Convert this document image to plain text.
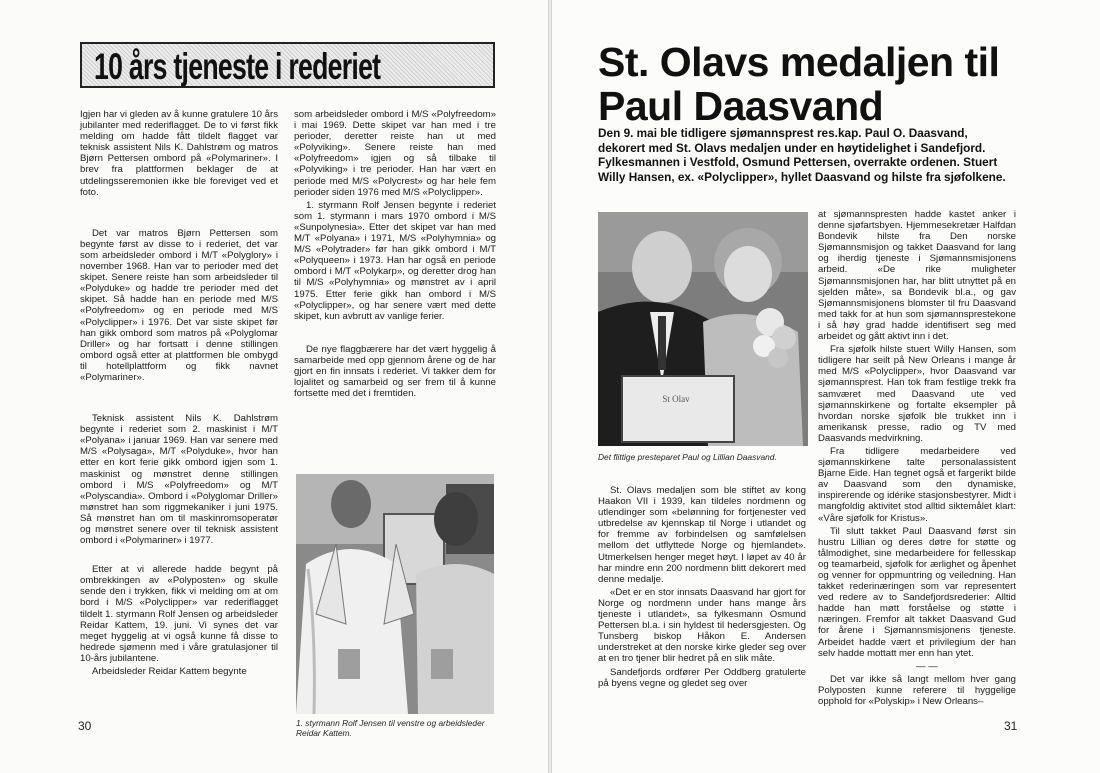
10 års tjeneste i rederiet

Igjen har vi gleden av å kunne gratulere 10 års jubilanter med rederiflagget. De to vi først fikk melding om hadde fått tildelt flagget var teknisk assistent Nils K. Dahlstrøm og matros Bjørn Pettersen ombord på «Polymariner». I brev fra plattformen beklager de at utdelingsseremonien ikke ble foreviget ved et foto.

Det var matros Bjørn Pettersen som begynte først av disse to i rederiet, det var som arbeidsleder ombord i M/T «Polyglory» i november 1968. Han var to perioder med det skipet. Senere reiste han som arbeidsleder til «Polyduke» og hadde tre perioder med det skipet. Så hadde han en periode med M/S «Polyfreedom» og en periode med M/S «Polyclipper» i 1976. Det var siste skipet før han gikk ombord som matros på «Polyglomar Driller» og har fortsatt i denne stillingen ombord også etter at plattformen ble ombygd til hotellplattform og fikk navnet «Polymariner».

Teknisk assistent Nils K. Dahlstrøm begynte i rederiet som 2. maskinist i M/T «Polyana» i januar 1969. Han var senere med M/S «Polysaga», M/T «Polyduke», hvor han etter en kort ferie gikk ombord igjen som 1. maskinist og mønstret denne stillingen ombord i M/S «Polyfreedom» og M/T «Polyscandia». Ombord i «Polyglomar Driller» mønstret han som riggmekaniker i juni 1975. Så mønstret han om til maskinromsoperatør og mønstret senere over til teknisk assistent ombord i «Polymariner» i 1977.

Etter at vi allerede hadde begynt på ombrekkingen av «Polyposten» og skulle sende den i trykken, fikk vi melding om at om bord i M/S «Polyclipper» var rederiflagget tildelt 1. styrmann Rolf Jensen og arbeidsleder Reidar Kattem, 19. juni. Vi synes det var meget hyggelig at vi også kunne få disse to hedrede sjømenn med i våre gratulasjoner til 10-års jubilantene.

Arbeidsleder Reidar Kattem begynte

som arbeidsleder ombord i M/S «Polyfreedom» i mai 1969. Dette skipet var han med i tre perioder, deretter reiste han ut med «Polyviking». Senere reiste han med «Polyfreedom» igjen og så tilbake til «Polyviking» i tre perioder. Han har vært en periode med M/S «Polycrest» og har hele fem perioder siden 1976 med M/S «Polyclipper».

1. styrmann Rolf Jensen begynte i rederiet som 1. styrmann i mars 1970 ombord i M/S «Sunpolynesia». Etter det skipet var han med M/T «Polyana» i 1971, M/S «Polyhymnia» og M/S «Polytrader» før han gikk ombord i M/T «Polyqueen» i 1973. Han har også en periode ombord i M/T «Polykarp», og deretter drog han til M/S «Polyhymnia» og mønstret av i april 1975. Etter ferie gikk han ombord i M/S «Polyclipper», og har senere vært med dette skipet, kun avbrutt av vanlige ferier.

De nye flaggbærere har det vært hyggelig å samarbeide med opp gjennom årene og de har gjort en fin innsats i rederiet. Vi takker dem for lojalitet og samarbeid og ser frem til å kunne fortsette med det i fremtiden.

1. styrmann Rolf Jensen til venstre og arbeidsleder Reidar Kattem.
30
St. Olavs medaljen til
Paul Daasvand
Den 9. mai ble tidligere sjømannsprest res.kap. Paul O. Daasvand, dekorert med St. Olavs medaljen under en høytidelighet i Sandefjord. Fylkesmannen i Vestfold, Osmund Pettersen, overrakte ordenen. Stuert Willy Hansen, ex. «Polyclipper», hyllet Daasvand og hilste fra sjøfolkene.
St Olav
Det flittige presteparet Paul og Lillian Daasvand.

St. Olavs medaljen som ble stiftet av kong Haakon VII i 1939, kan tildeles nordmenn og utlendinger som «belønning for fortjenester ved utbredelse av kjennskap til Norge i utlandet og for fremme av forbindelsen og samfølelsen mellom det utflyttede Norge og hjemlandet». Utmerkelsen henger meget høyt. I løpet av 40 år har mindre enn 200 nordmenn blitt dekorert med denne medalje.

«Det er en stor innsats Daasvand har gjort for Norge og nordmenn under hans mange års tjeneste i utlandet», sa fylkesmann Osmund Pettersen bl.a. i sin hyldest til hedersgjesten. Og Tunsberg biskop Håkon E. Andersen understreket at den norske kirke gleder seg over at en tro tjener blir hedret på en slik måte.

Sandefjords ordfører Per Oddberg gratulerte på byens vegne og gledet seg over

at sjømannspresten hadde kastet anker i denne sjøfartsbyen. Hjemmesekretær Halfdan Bondevik hilste fra Den norske Sjømannsmisjon og takket Daasvand for lang og iherdig tjeneste i Sjømannsmisjonens arbeid. «De rike muligheter Sjømannsmisjonen har, har blitt utnyttet på en sjelden måte», sa Bondevik bl.a., og gav Sjømannsmisjonens blomster til fru Daasvand med takk for at hun som sjømannsprestekone i så høy grad hadde identifisert seg med arbeidet og gått aktivt inn i det.

Fra sjøfolk hilste stuert Willy Hansen, som tidligere har seilt på New Orleans i mange år med M/S «Polyclipper», hvor Daasvand var sjømannsprest. Han tok fram festlige trekk fra samværet med Daasvand ute ved sjømannskirkene og fortalte eksempler på hvordan norske sjøfolk ble trukket inn i amerikansk presse, radio og TV med Daasvands medvirkning.

Fra tidligere medarbeidere ved sjømannskirkene talte personalassistent Bjarne Eide. Han tegnet også et fargerikt bilde av Daasvand som den dynamiske, inspirerende og idérike stasjonsbestyrer. Midt i mangfoldig aktivitet stod alltid siktemålet klart: «Våre sjøfolk for Kristus».

Til slutt takket Paul Daasvand først sin hustru Lillian og deres døtre for støtte og tålmodighet, sine medarbeidere for fellesskap og teamarbeid, sjøfolk for ærlighet og åpenhet og venner for oppmuntring og veiledning. Han takket rederinæringen som var representert ved redere av to Sandefjordsrederier: Alltid hadde han møtt forståelse og støtte i næringen. Fremfor alt takket Daasvand Gud for årene i Sjømannsmisjonens tjeneste. Arbeidet hadde vært et privilegium der han selv hadde mottatt mer enn han ytet.

— —

Det var ikke så langt mellom hver gang Polyposten kunne referere til hyggelige opphold for «Polyskip» i New Orleans–

31
